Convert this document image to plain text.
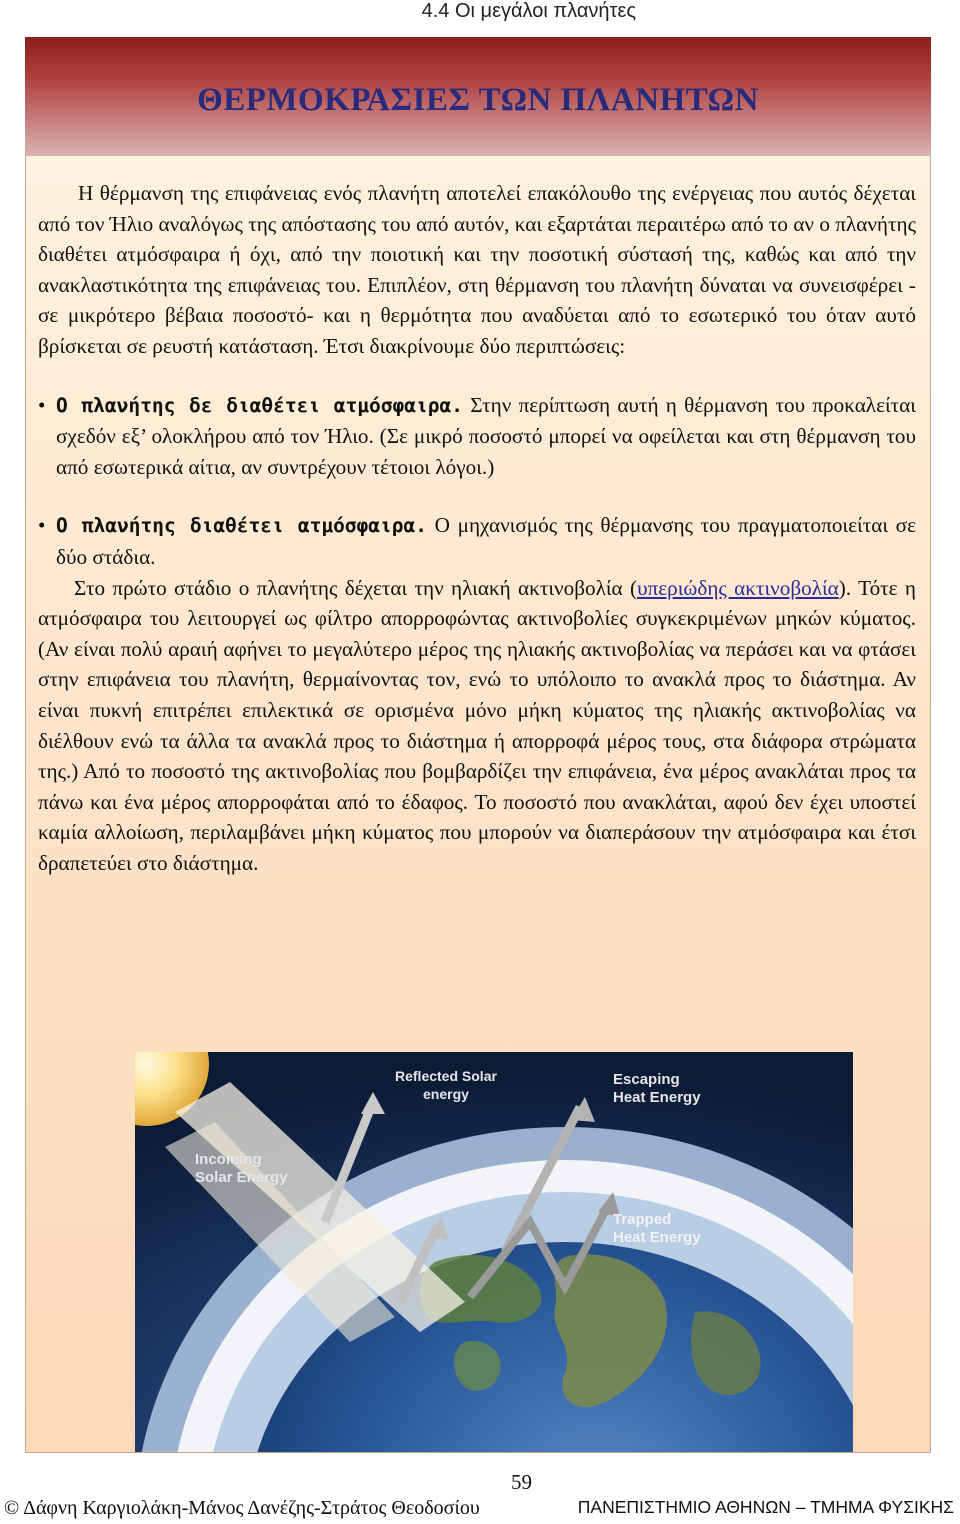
4.4 Οι μεγάλοι πλανήτες
ΘΕΡΜΟΚΡΑΣΙΕΣ ΤΩΝ ΠΛΑΝΗΤΩΝ

Η θέρμανση της επιφάνειας ενός πλανήτη αποτελεί επακόλουθο της ενέργειας που αυτός δέχεται από τον Ήλιο αναλόγως της απόστασης του από αυτόν, και εξαρτάται περαιτέρω από το αν ο πλανήτης διαθέτει ατμόσφαιρα ή όχι, από την ποιοτική και την ποσοτική σύστασή της, καθώς και από την ανακλαστικότητα της επιφάνειας του. Επιπλέον, στη θέρμανση του πλανήτη δύναται να συνεισφέρει - σε μικρότερο βέβαια ποσοστό- και η θερμότητα που αναδύεται από το εσωτερικό του όταν αυτό βρίσκεται σε ρευστή κατάσταση. Έτσι διακρίνουμε δύο περιπτώσεις:

• Ο πλανήτης δε διαθέτει ατμόσφαιρα. Στην περίπτωση αυτή η θέρμανση του προκαλείται σχεδόν εξ’ ολοκλήρου από τον Ήλιο. (Σε μικρό ποσοστό μπορεί να οφείλεται και στη θέρμανση του από εσωτερικά αίτια, αν συντρέχουν τέτοιοι λόγοι.)
• Ο πλανήτης διαθέτει ατμόσφαιρα. Ο μηχανισμός της θέρμανσης του πραγματοποιείται σε δύο στάδια.

Στο πρώτο στάδιο ο πλανήτης δέχεται την ηλιακή ακτινοβολία (υπεριώδης ακτινοβολία). Τότε η ατμόσφαιρα του λειτουργεί ως φίλτρο απορροφώντας ακτινοβολίες συγκεκριμένων μηκών κύματος. (Αν είναι πολύ αραιή αφήνει το μεγαλύτερο μέρος της ηλιακής ακτινοβολίας να περάσει και να φτάσει στην επιφάνεια του πλανήτη, θερμαίνοντας τον, ενώ το υπόλοιπο το ανακλά προς το διάστημα. Αν είναι πυκνή επιτρέπει επιλεκτικά σε ορισμένα μόνο μήκη κύματος της ηλιακής ακτινοβολίας να διέλθουν ενώ τα άλλα τα ανακλά προς το διάστημα ή απορροφά μέρος τους, στα διάφορα στρώματα της.) Από το ποσοστό της ακτινοβολίας που βομβαρδίζει την επιφάνεια, ένα μέρος ανακλάται προς τα πάνω και ένα μέρος απορροφάται από το έδαφος. Το ποσοστό που ανακλάται, αφού δεν έχει υποστεί καμία αλλοίωση, περιλαμβάνει μήκη κύματος που μπορούν να διαπεράσουν την ατμόσφαιρα και έτσι δραπετεύει στο διάστημα.

Reflected Solar
energy
Escaping
Heat Energy
Incoming
Solar Energy
Trapped
Heat Energy
59
© Δάφνη Καργιολάκη-Μάνος Δανέζης-Στράτος Θεοδοσίου	ΠΑΝΕΠΙΣΤΗΜΙΟ ΑΘΗΝΩΝ – ΤΜΗΜΑ ΦΥΣΙΚΗΣ
